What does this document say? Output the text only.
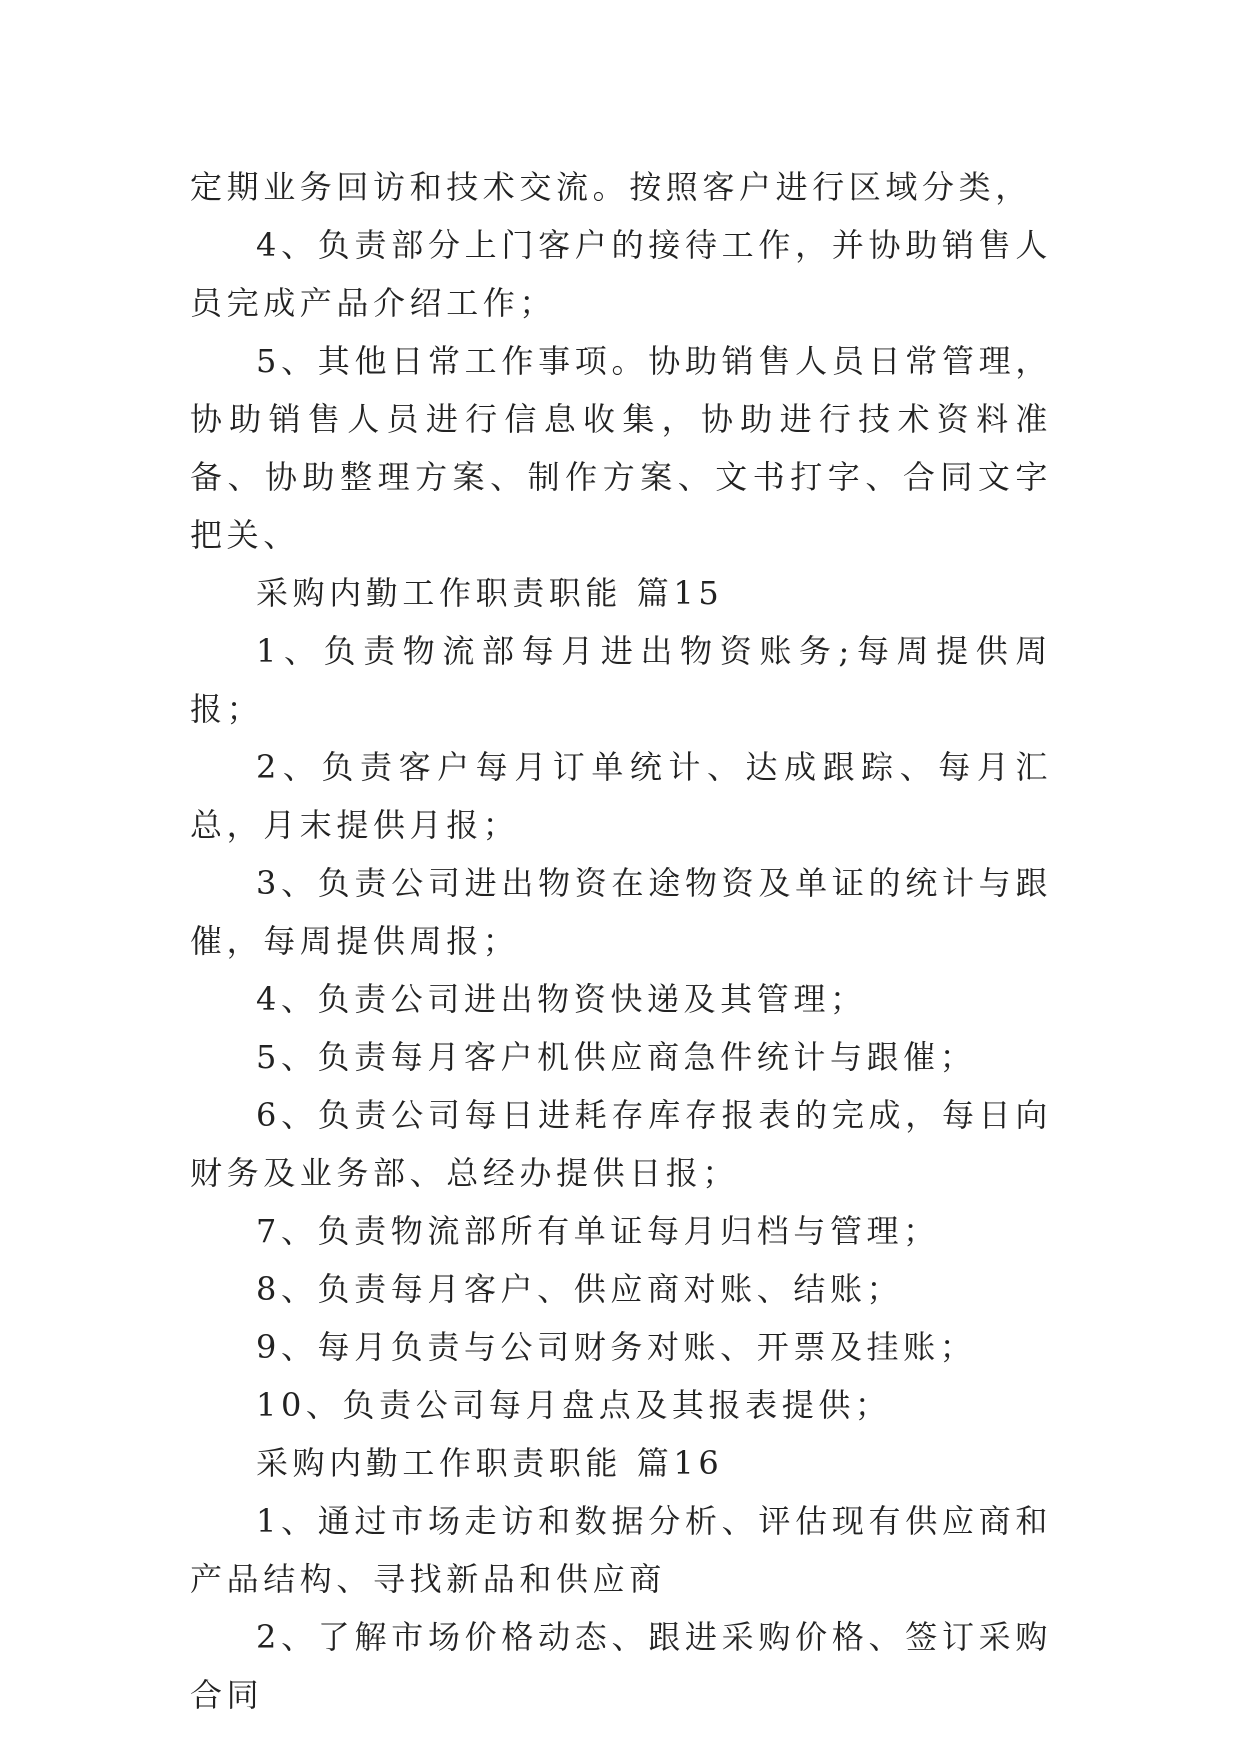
定期业务回访和技术交流。按照客户进行区域分类，

4、负责部分上门客户的接待工作，并协助销售人员完成产品介绍工作；

5、其他日常工作事项。协助销售人员日常管理，协助销售人员进行信息收集，协助进行技术资料准备、协助整理方案、制作方案、文书打字、合同文字把关、

采购内勤工作职责职能 篇15

1、负责物流部每月进出物资账务;每周提供周报；

2、负责客户每月订单统计、达成跟踪、每月汇总，月末提供月报；

3、负责公司进出物资在途物资及单证的统计与跟催，每周提供周报；

4、负责公司进出物资快递及其管理；

5、负责每月客户机供应商急件统计与跟催；

6、负责公司每日进耗存库存报表的完成，每日向财务及业务部、总经办提供日报；

7、负责物流部所有单证每月归档与管理；

8、负责每月客户、供应商对账、结账；

9、每月负责与公司财务对账、开票及挂账；

10、负责公司每月盘点及其报表提供；

采购内勤工作职责职能 篇16

1、通过市场走访和数据分析、评估现有供应商和产品结构、寻找新品和供应商

2、了解市场价格动态、跟进采购价格、签订采购合同
